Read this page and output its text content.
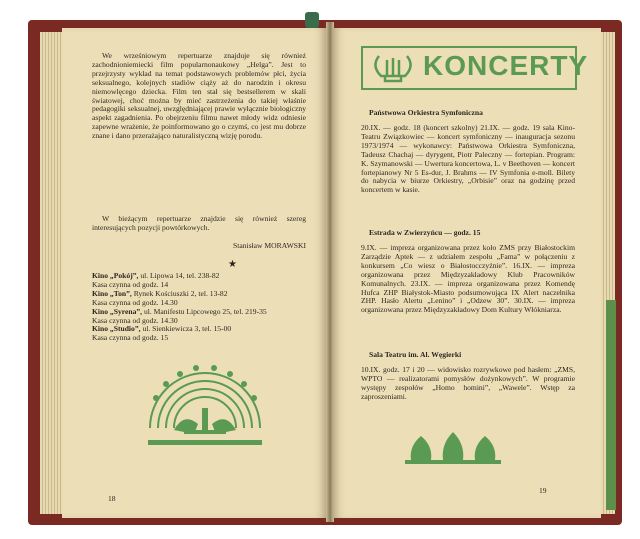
We wrześniowym repertuarze znajduje się również zachodnioniemiecki film popularnonaukowy „Helga”. Jest to przejrzysty wykład na temat podstawowych problemów płci, życia seksualnego, kolejnych stadiów ciąży aż do narodzin i okresu niemowlęcego dziecka. Film ten stał się bestsellerem w skali światowej, choć można by mieć zastrzeżenia do takiej właśnie pedagogiki seksualnej, uwzględniającej prawie wyłącznie biologiczny aspekt zagadnienia. Po obejrzeniu filmu nawet młody widz odniesie zapewne wrażenie, że poinformowano go o czymś, co jest mu dobrze znane i dano przerażająco naturalistyczną wizję porodu.

W bieżącym repertuarze znajdzie się również szereg interesujących pozycji powtórkowych.

Stanisław MORAWSKI
★

Kino „Pokój”, ul. Lipowa 14, tel. 238-82
Kasa czynna od godz. 14
Kino „Ton”, Rynek Kościuszki 2, tel. 13-82
Kasa czynna od godz. 14.30
Kino „Syrena”, ul. Manifestu Lipcowego 25, tel. 219-35
Kasa czynna od godz. 14.30
Kino „Studio”, ul. Sienkiewicza 3, tel. 15-00
Kasa czynna od godz. 15

18
KONCERTY
Państwowa Orkiestra Symfoniczna

20.IX. — godz. 18 (koncert szkolny) 21.IX. — godz. 19 sala Kino-Teatru Związkowiec — koncert symfoniczny — inauguracja sezonu 1973/1974 — wykonawcy: Państwowa Orkiestra Symfoniczna, Tadeusz Chachaj — dyrygent, Piotr Paleczny — fortepian. Program: K. Szymanowski — Uwertura koncertowa, L. v Beethoven — koncert fortepianowy Nr 5 Es-dur, J. Brahms — IV Symfonia e-moll. Bilety do nabycia w biurze Orkiestry, „Orbisie” oraz na godzinę przed koncertem w kasie.

Estrada w Zwierzyńcu — godz. 15

9.IX. — impreza organizowana przez koło ZMS przy Białostockim Zarządzie Aptek — z udziałem zespołu „Fama” w połączeniu z konkursem „Co wiesz o Białostocczyźnie”. 16.IX. — impreza organizowana przez Międzyzakładowy Klub Pracowników Komunalnych. 23.IX. — impreza organizowana przez Komendę Hufca ZHP Białystok-Miasto podsumowująca IX Alert naczelnika ZHP. Hasło Alertu „Lenino” i „Odzew 30”. 30.IX. — impreza organizowana przez Międzyzakładowy Dom Kultury Włókniarza.

Sala Teatru im. Al. Węgierki

10.IX. godz. 17 i 20 — widowisko rozrywkowe pod hasłem: „ZMS, WPTO — realizatorami pomysłów dożynkowych”. W programie występy zespołów „Homo homini”, „Wawele”. Wstęp za zaproszeniami.

19
